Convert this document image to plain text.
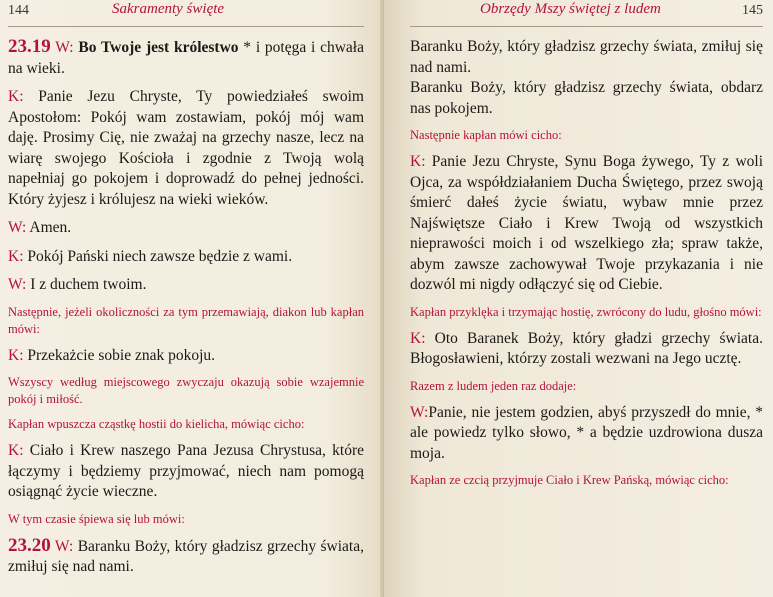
144	Sakramenty święte

23.19 W: Bo Twoje jest królestwo * i potęga i chwała na wieki.

K: Panie Jezu Chryste, Ty powiedziałeś swoim Apostołom: Pokój wam zostawiam, pokój mój wam daję. Prosimy Cię, nie zważaj na grzechy nasze, lecz na wiarę swojego Kościoła i zgodnie z Twoją wolą napełniaj go pokojem i doprowadź do pełnej jedności. Który żyjesz i królujesz na wieki wieków.

W: Amen.

K: Pokój Pański niech zawsze będzie z wami.

W: I z duchem twoim.

Następnie, jeżeli okoliczności za tym przemawiają, diakon lub kapłan mówi:

K: Przekażcie sobie znak pokoju.

Wszyscy według miejscowego zwyczaju okazują sobie wzajemnie pokój i miłość.
Kapłan wpuszcza cząstkę hostii do kielicha, mówiąc cicho:

K: Ciało i Krew naszego Pana Jezusa Chrystusa, które łączymy i będziemy przyjmować, niech nam pomogą osiągnąć życie wieczne.

W tym czasie śpiewa się lub mówi:

23.20 W: Baranku Boży, który gładzisz grzechy świata, zmiłuj się nad nami.

Obrzędy Mszy świętej z ludem	145

Baranku Boży, który gładzisz grzechy świata, zmiłuj się nad nami.

Baranku Boży, który gładzisz grzechy świata, obdarz nas pokojem.

Następnie kapłan mówi cicho:

K: Panie Jezu Chryste, Synu Boga żywego, Ty z woli Ojca, za współdziałaniem Ducha Świętego, przez swoją śmierć dałeś życie światu, wybaw mnie przez Najświętsze Ciało i Krew Twoją od wszystkich nieprawości moich i od wszelkiego zła; spraw także, abym zawsze zachowywał Twoje przykazania i nie dozwól mi nigdy odłączyć się od Ciebie.

Kapłan przyklęka i trzymając hostię, zwrócony do ludu, głośno mówi:

K: Oto Baranek Boży, który gładzi grzechy świata. Błogosławieni, którzy zostali wezwani na Jego ucztę.

Razem z ludem jeden raz dodaje:

W:Panie, nie jestem godzien, abyś przyszedł do mnie, * ale powiedz tylko słowo, * a będzie uzdrowiona dusza moja.

Kapłan ze czcią przyjmuje Ciało i Krew Pańską, mówiąc cicho:
